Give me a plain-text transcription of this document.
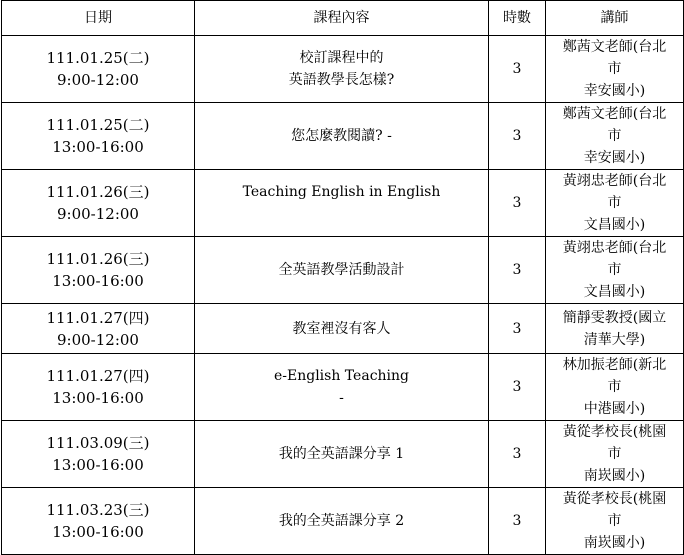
日期	課程內容	時數	講師

111.01.25(二)
9:00-12:00	校訂課程中的
英語教學長怎樣?	3	鄭茜文老師(台北
市
幸安國小)

111.01.25(二)
13:00-16:00	您怎麼教閱讀? -	3	鄭茜文老師(台北
市
幸安國小)

111.01.26(三)
9:00-12:00	Teaching English in English	3	黃翊忠老師(台北
市
文昌國小)

111.01.26(三)
13:00-16:00	全英語教學活動設計	3	黃翊忠老師(台北
市
文昌國小)

111.01.27(四)
9:00-12:00	教室裡沒有客人	3	簡靜雯教授(國立
清華大學)

111.01.27(四)
13:00-16:00	e-English Teaching
-	3	林加振老師(新北
市
中港國小)

111.03.09(三)
13:00-16:00	我的全英語課分享 1	3	黃從孝校長(桃園
市
南崁國小)

111.03.23(三)
13:00-16:00	我的全英語課分享 2	3	黃從孝校長(桃園
市
南崁國小)
